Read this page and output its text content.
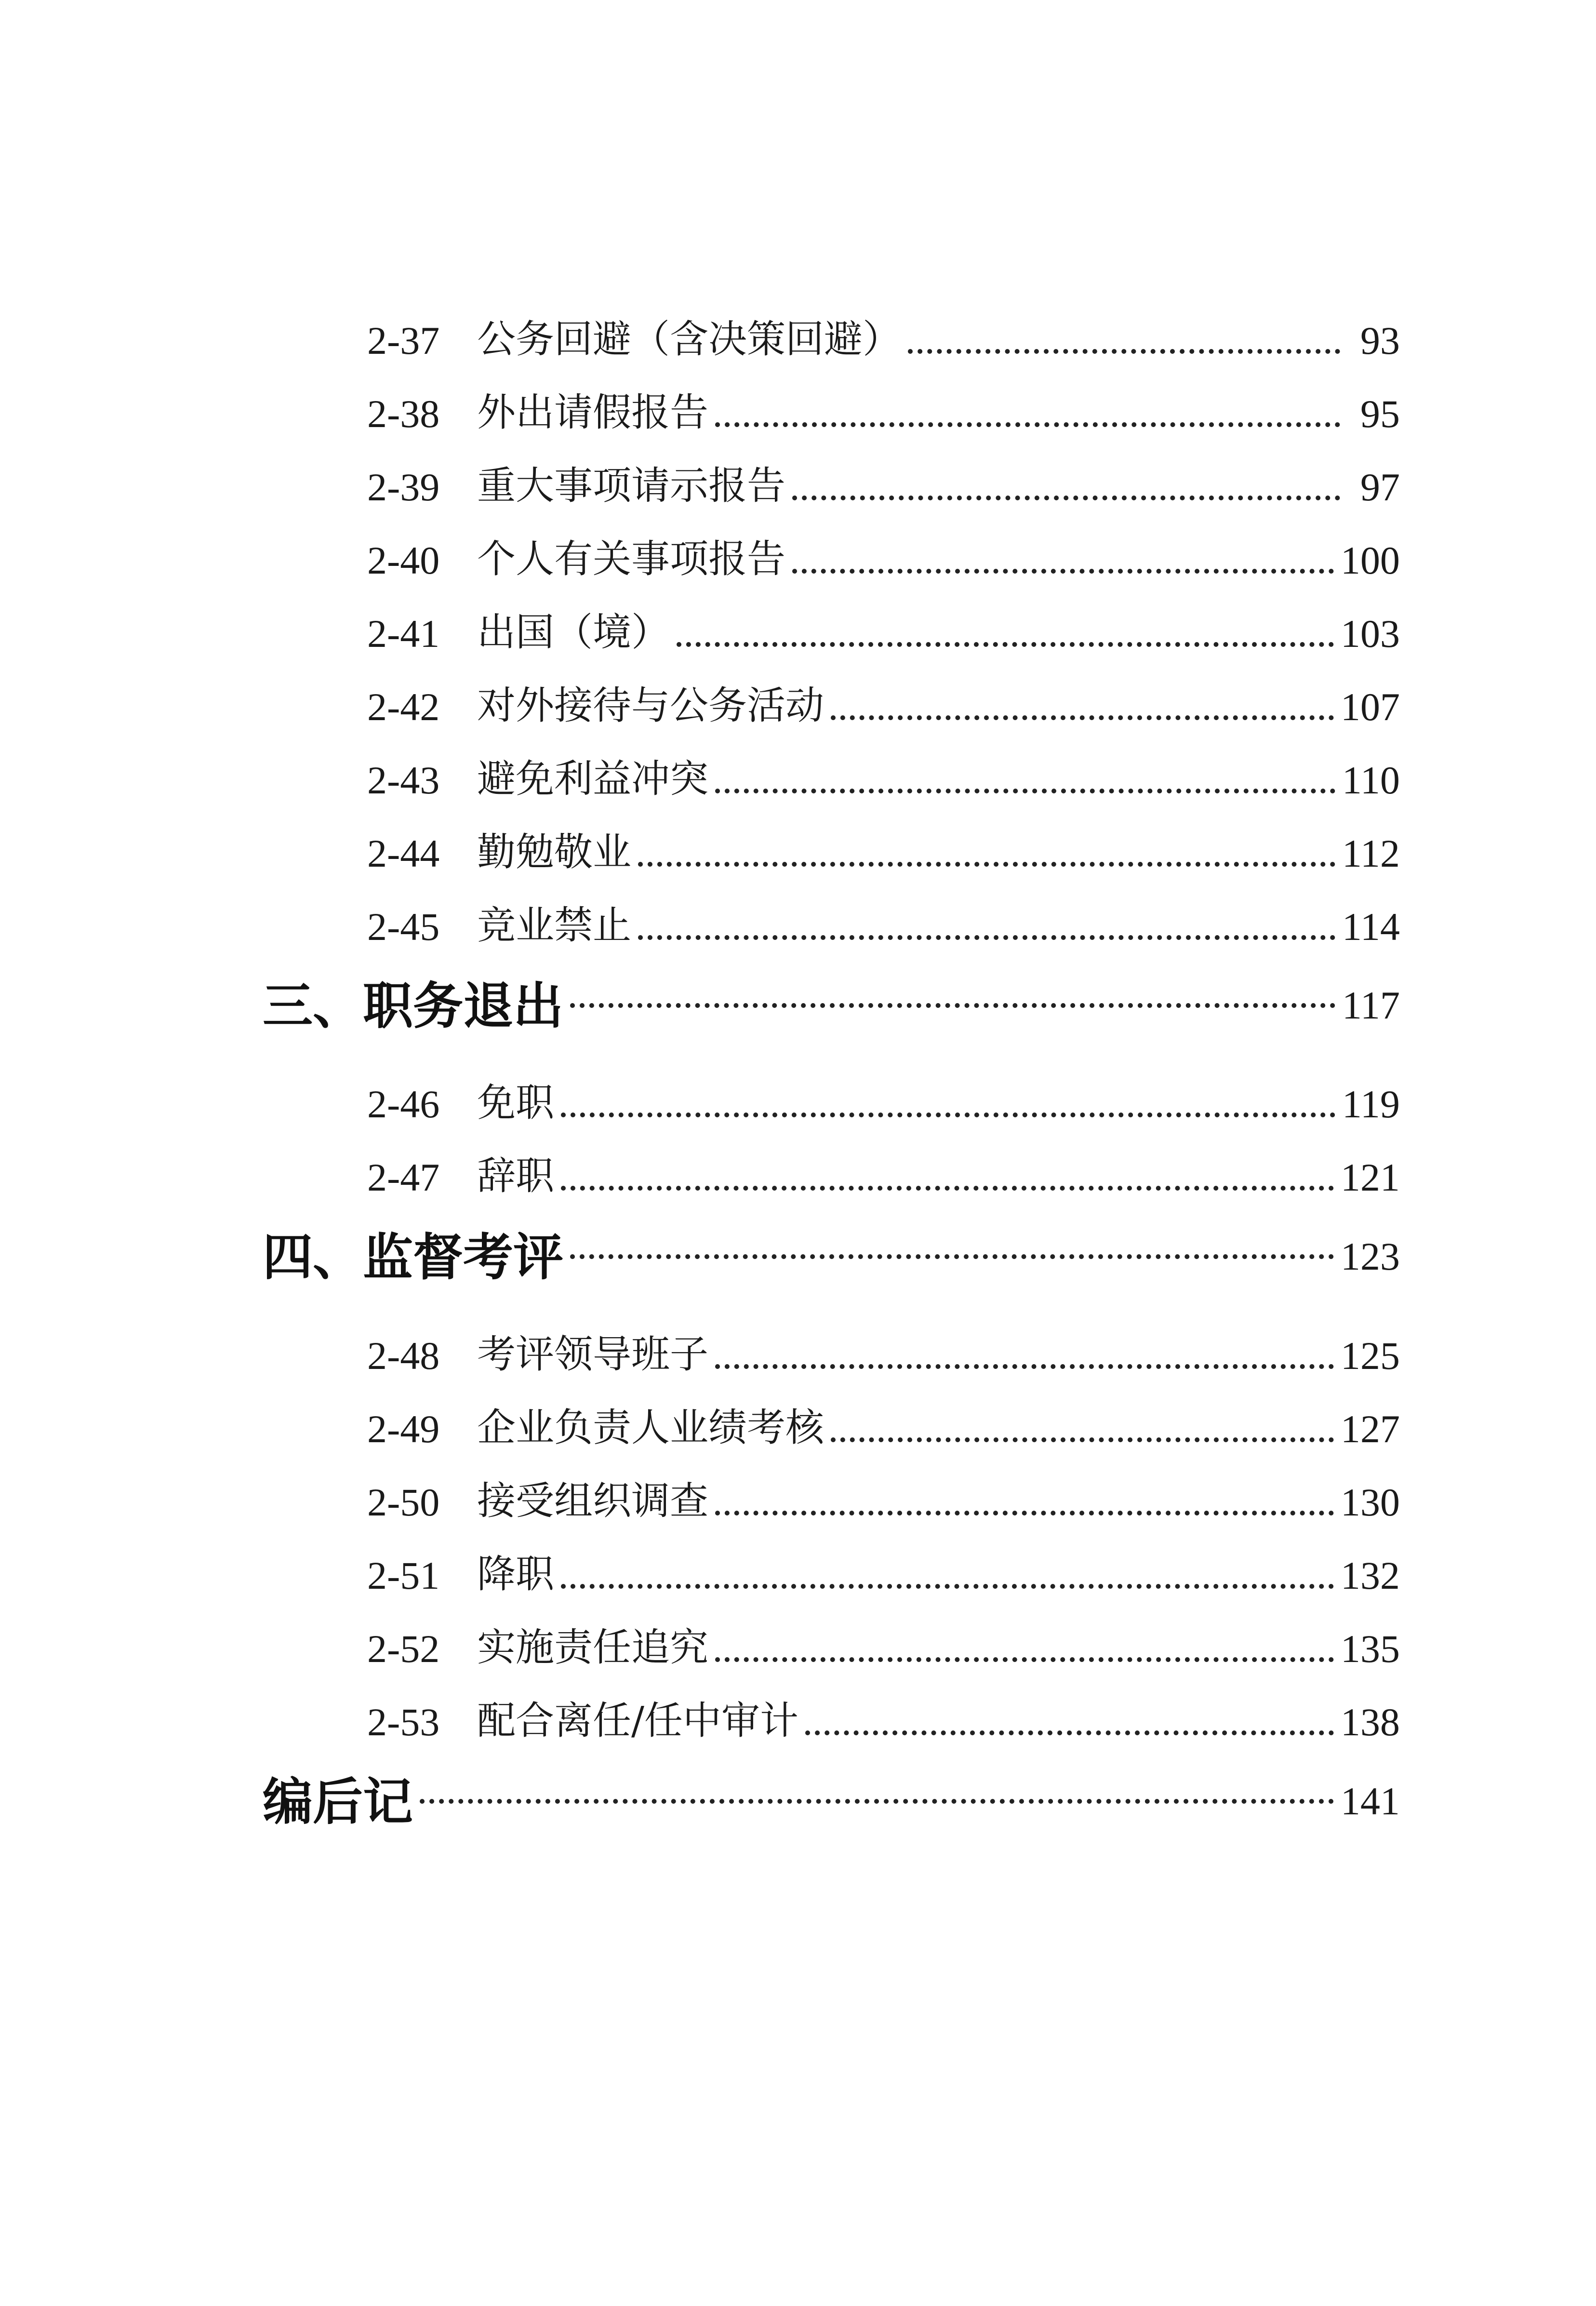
2-37 公务回避（含决策回避）	93
2-38 外出请假报告	95
2-39 重大事项请示报告	97
2-40 个人有关事项报告	100
2-41 出国（境）	103
2-42 对外接待与公务活动	107
2-43 避免利益冲突	110
2-44 勤勉敬业	112
2-45 竞业禁止	114
三、职务退出	117
2-46 免职	119
2-47 辞职	121
四、监督考评	123
2-48 考评领导班子	125
2-49 企业负责人业绩考核	127
2-50 接受组织调查	130
2-51 降职	132
2-52 实施责任追究	135
2-53 配合离任/任中审计	138
编后记	141
